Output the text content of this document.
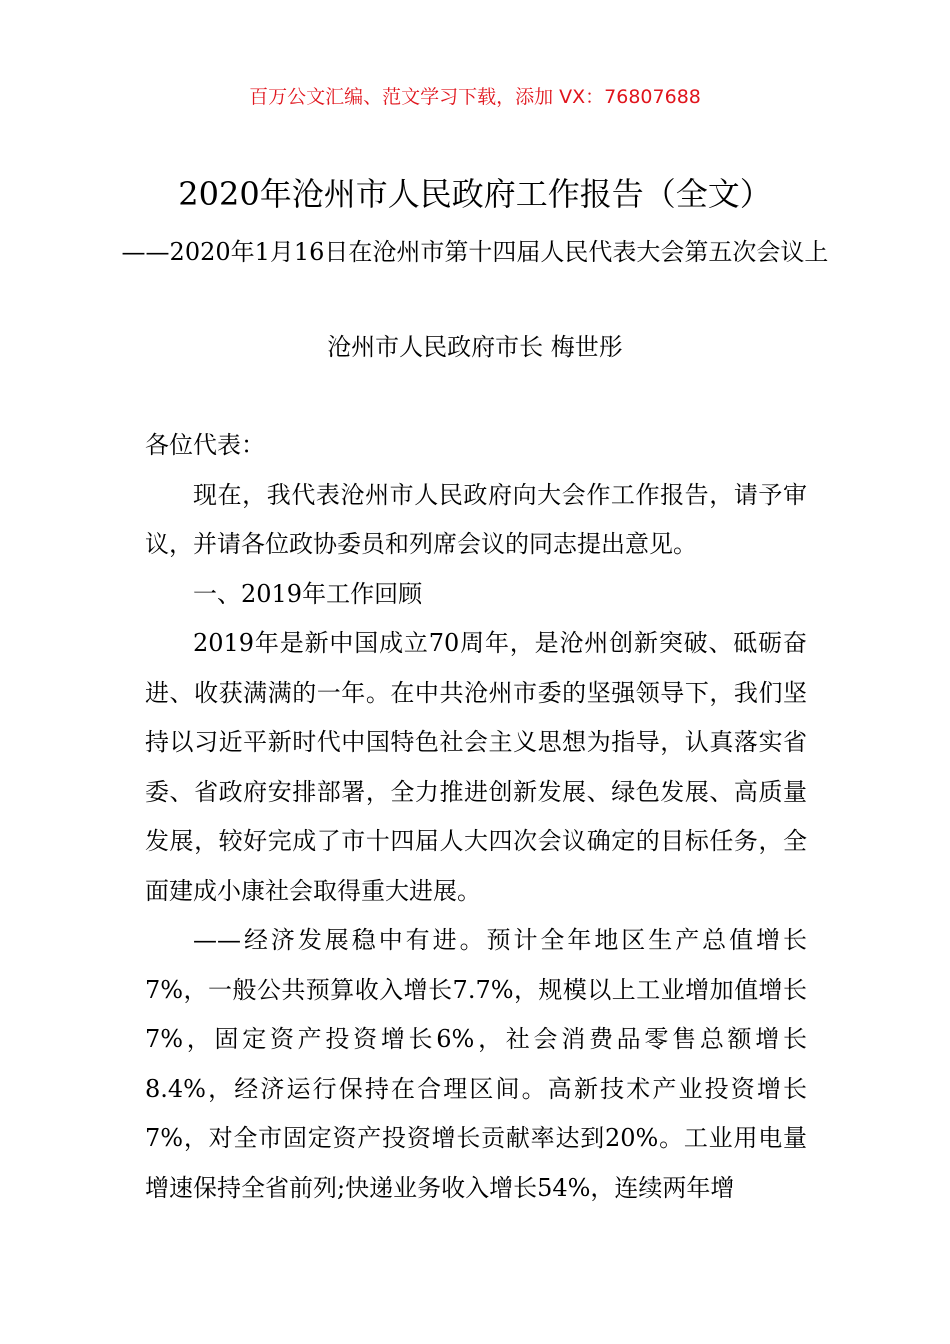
百万公文汇编、范文学习下载，添加 VX：76807688
2020年沧州市人民政府工作报告（全文）
——2020年1月16日在沧州市第十四届人民代表大会第五次会议上
沧州市人民政府市长 梅世彤

各位代表：

现在，我代表沧州市人民政府向大会作工作报告，请予审议，并请各位政协委员和列席会议的同志提出意见。

一、2019年工作回顾

2019年是新中国成立70周年，是沧州创新突破、砥砺奋进、收获满满的一年。在中共沧州市委的坚强领导下，我们坚持以习近平新时代中国特色社会主义思想为指导，认真落实省委、省政府安排部署，全力推进创新发展、绿色发展、高质量发展，较好完成了市十四届人大四次会议确定的目标任务，全面建成小康社会取得重大进展。

——经济发展稳中有进。预计全年地区生产总值增长7%，一般公共预算收入增长7.7%，规模以上工业增加值增长7%，固定资产投资增长6%，社会消费品零售总额增长8.4%，经济运行保持在合理区间。高新技术产业投资增长7%，对全市固定资产投资增长贡献率达到20%。工业用电量增速保持全省前列;快递业务收入增长54%，连续两年增
